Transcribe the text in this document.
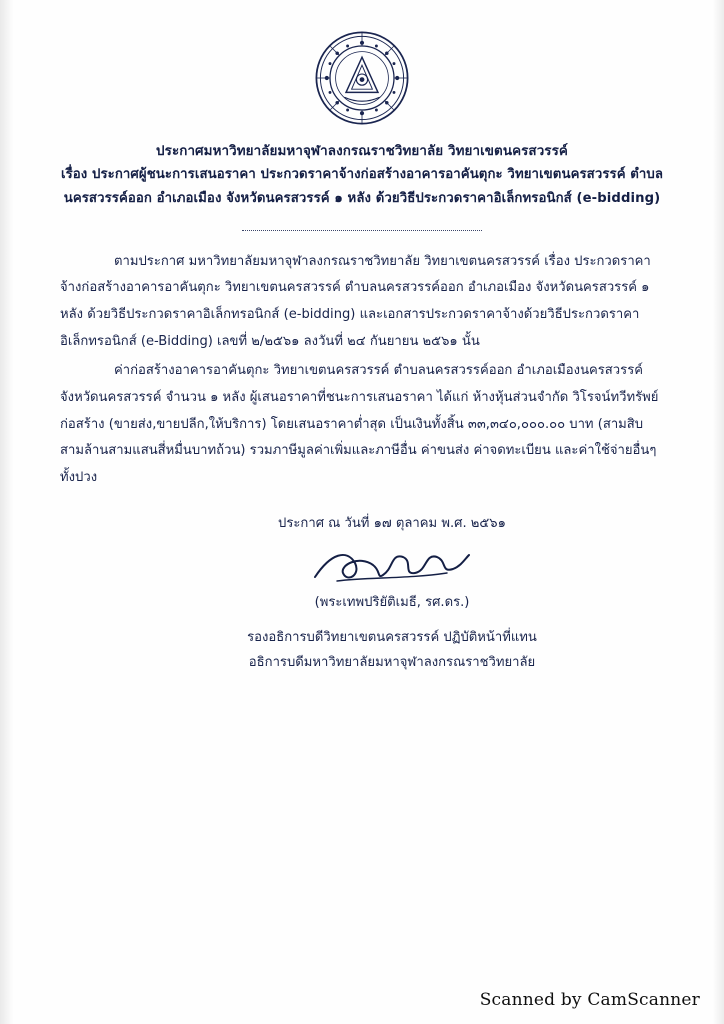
ประกาศมหาวิทยาลัยมหาจุฬาลงกรณราชวิทยาลัย วิทยาเขตนครสวรรค์
เรื่อง ประกาศผู้ชนะการเสนอราคา ประกวดราคาจ้างก่อสร้างอาคารอาคันตุกะ วิทยาเขตนครสวรรค์ ตำบล
นครสวรรค์ออก อำเภอเมือง จังหวัดนครสวรรค์ ๑ หลัง ด้วยวิธีประกวดราคาอิเล็กทรอนิกส์ (e-bidding)

ตามประกาศ มหาวิทยาลัยมหาจุฬาลงกรณราชวิทยาลัย วิทยาเขตนครสวรรค์ เรื่อง ประกวดราคาจ้างก่อสร้างอาคารอาคันตุกะ วิทยาเขตนครสวรรค์ ตำบลนครสวรรค์ออก อำเภอเมือง จังหวัดนครสวรรค์ ๑ หลัง ด้วยวิธีประกวดราคาอิเล็กทรอนิกส์ (e-bidding) และเอกสารประกวดราคาจ้างด้วยวิธีประกวดราคาอิเล็กทรอนิกส์ (e-Bidding) เลขที่ ๒/๒๕๖๑ ลงวันที่ ๒๔ กันยายน ๒๕๖๑ นั้น

ค่าก่อสร้างอาคารอาคันตุกะ วิทยาเขตนครสวรรค์ ตำบลนครสวรรค์ออก อำเภอเมืองนครสวรรค์ จังหวัดนครสวรรค์ จำนวน ๑ หลัง ผู้เสนอราคาที่ชนะการเสนอราคา ได้แก่ ห้างหุ้นส่วนจำกัด วิโรจน์ทวีทรัพย์ ก่อสร้าง (ขายส่ง,ขายปลีก,ให้บริการ) โดยเสนอราคาต่ำสุด เป็นเงินทั้งสิ้น ๓๓,๓๔๐,๐๐๐.๐๐ บาท (สามสิบสามล้านสามแสนสี่หมื่นบาทถ้วน) รวมภาษีมูลค่าเพิ่มและภาษีอื่น ค่าขนส่ง ค่าจดทะเบียน และค่าใช้จ่ายอื่นๆ ทั้งปวง

ประกาศ ณ วันที่ ๑๗ ตุลาคม พ.ศ. ๒๕๖๑
(พระเทพปริยัติเมธี, รศ.ดร.)
รองอธิการบดีวิทยาเขตนครสวรรค์ ปฏิบัติหน้าที่แทน
อธิการบดีมหาวิทยาลัยมหาจุฬาลงกรณราชวิทยาลัย
Scanned by CamScanner
